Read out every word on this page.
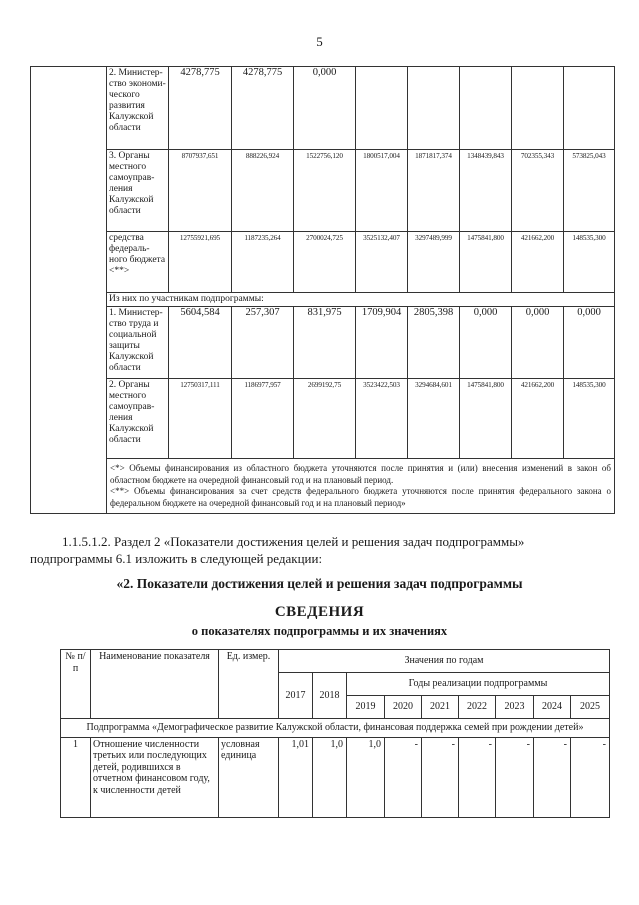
5
	2. Министер-ство экономи-ческого развития Калужской области	4278,775	4278,775	0,000					
	3. Органы местного самоуправ-ления Калужской области	8707937,651	888226,924	1522756,120	1800517,004	1871817,374	1348439,843	702355,343	573825,043
	средства федераль-ного бюджета <**>	12755921,695	1187235,264	2700024,725	3525132,407	3297489,999	1475841,800	421662,200	148535,300
	Из них по участникам подпрограммы:								
	1. Министер-ство труда и социальной защиты Калужской области	5604,584	257,307	831,975	1709,904	2805,398	0,000	0,000	0,000
	2. Органы местного самоуправ-ления Калужской области	12750317,111	1186977,957	2699192,75	3523422,503	3294684,601	1475841,800	421662,200	148535,300

	<*> Объемы финансирования из областного бюджета уточняются после принятия и (или) внесения изменений в закон об областном бюджете на очередной финансовый год и на плановый период.
<**> Объемы финансирования за счет средств федерального бюджета уточняются после принятия федерального закона о федеральном бюджете на очередной финансовый год и на плановый период»								
1.1.5.1.2. Раздел 2 «Показатели достижения целей и решения задач подпрограммы»
подпрограммы 6.1 изложить в следующей редакции:
«2. Показатели достижения целей и решения задач подпрограммы
СВЕДЕНИЯ
о показателях подпрограммы и их значениях
№ п/п	Наименование показателя	Ед. измер.	Значения по годам								
			2017	2018	Годы реализации подпрограммы						
					2019	2020	2021	2022	2023	2024	2025
Подпрограмма «Демографическое развитие Калужской области, финансовая поддержка семей при рождении детей»											
1	Отношение численности третьих или последующих детей, родившихся в отчетном финансовом году, к численности детей	условная единица	1,01	1,0	1,0	-	-	-	-	-	-
